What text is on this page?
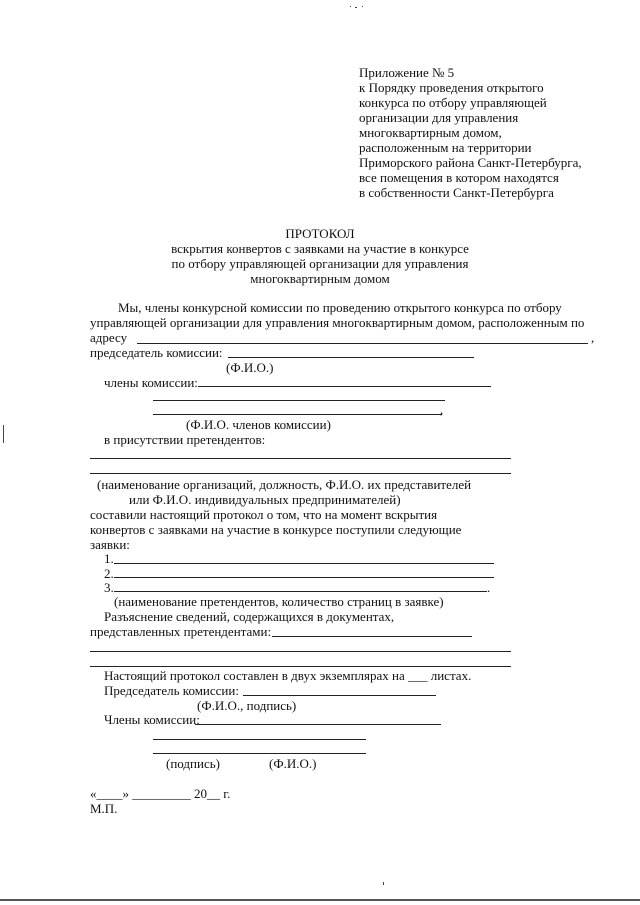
Приложение № 5
к Порядку проведения открытого
конкурса по отбору управляющей
организации для управления
многоквартирным домом,
расположенным на территории
Приморского района Санкт-Петербурга,
все помещения в котором находятся
в собственности Санкт-Петербурга
ПРОТОКОЛ
вскрытия конвертов с заявками на участие в конкурсе
по отбору управляющей организации для управления
многоквартирным домом
Мы, члены конкурсной комиссии по проведению открытого конкурса по отбору
управляющей организации для управления многоквартирным домом, расположенным по
адресу	,
председатель комиссии:
(Ф.И.О.)
члены комиссии:
,
(Ф.И.О. членов комиссии)
в присутствии претендентов:
(наименование организаций, должность, Ф.И.О. их представителей
или Ф.И.О. индивидуальных предпринимателей)
составили настоящий протокол о том, что на момент вскрытия
конвертов с заявками на участие в конкурсе поступили следующие
заявки:
1.
2.
3.	.
(наименование претендентов, количество страниц в заявке)
Разъяснение сведений, содержащихся в документах,
представленных претендентами:
Настоящий протокол составлен в двух экземплярах на ___ листах.
Председатель комиссии:
(Ф.И.О., подпись)
Члены комиссии:
(подпись)	(Ф.И.О.)
«____» _________ 20__ г.
М.П.
